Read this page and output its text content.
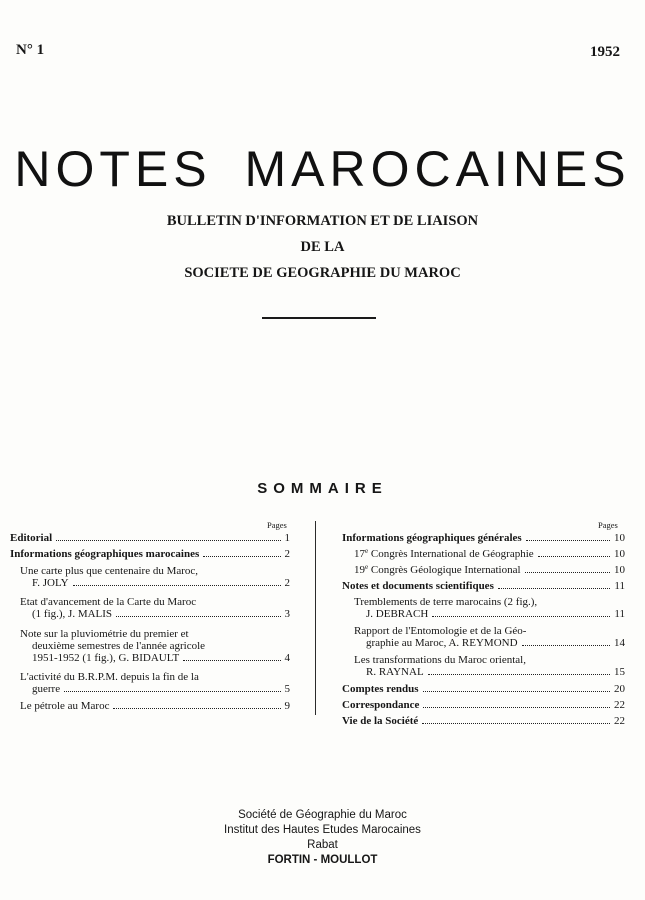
N° 1	1952
NOTES MAROCAINES
BULLETIN D'INFORMATION ET DE LIAISON
DE LA
SOCIETE DE GEOGRAPHIE DU MAROC
SOMMAIRE
Pages
Editorial	1
Informations géographiques marocaines	2
Une carte plus que centenaire du Maroc,
F. JOLY	2
Etat d'avancement de la Carte du Maroc
(1 fig.), J. MALIS	3
Note sur la pluviométrie du premier et
deuxième semestres de l'année agricole
1951-1952 (1 fig.), G. BIDAULT	4
L'activité du B.R.P.M. depuis la fin de la
guerre	5
Le pétrole au Maroc	9
Pages
Informations géographiques générales	10
17e Congrès International de Géographie	10
19e Congrès Géologique International	10
Notes et documents scientifiques	11
Tremblements de terre marocains (2 fig.),
J. DEBRACH	11
Rapport de l'Entomologie et de la Géo-
graphie au Maroc, A. REYMOND	14
Les transformations du Maroc oriental,
R. RAYNAL	15
Comptes rendus	20
Correspondance	22
Vie de la Société	22
Société de Géographie du Maroc
Institut des Hautes Etudes Marocaines
Rabat
FORTIN - MOULLOT
